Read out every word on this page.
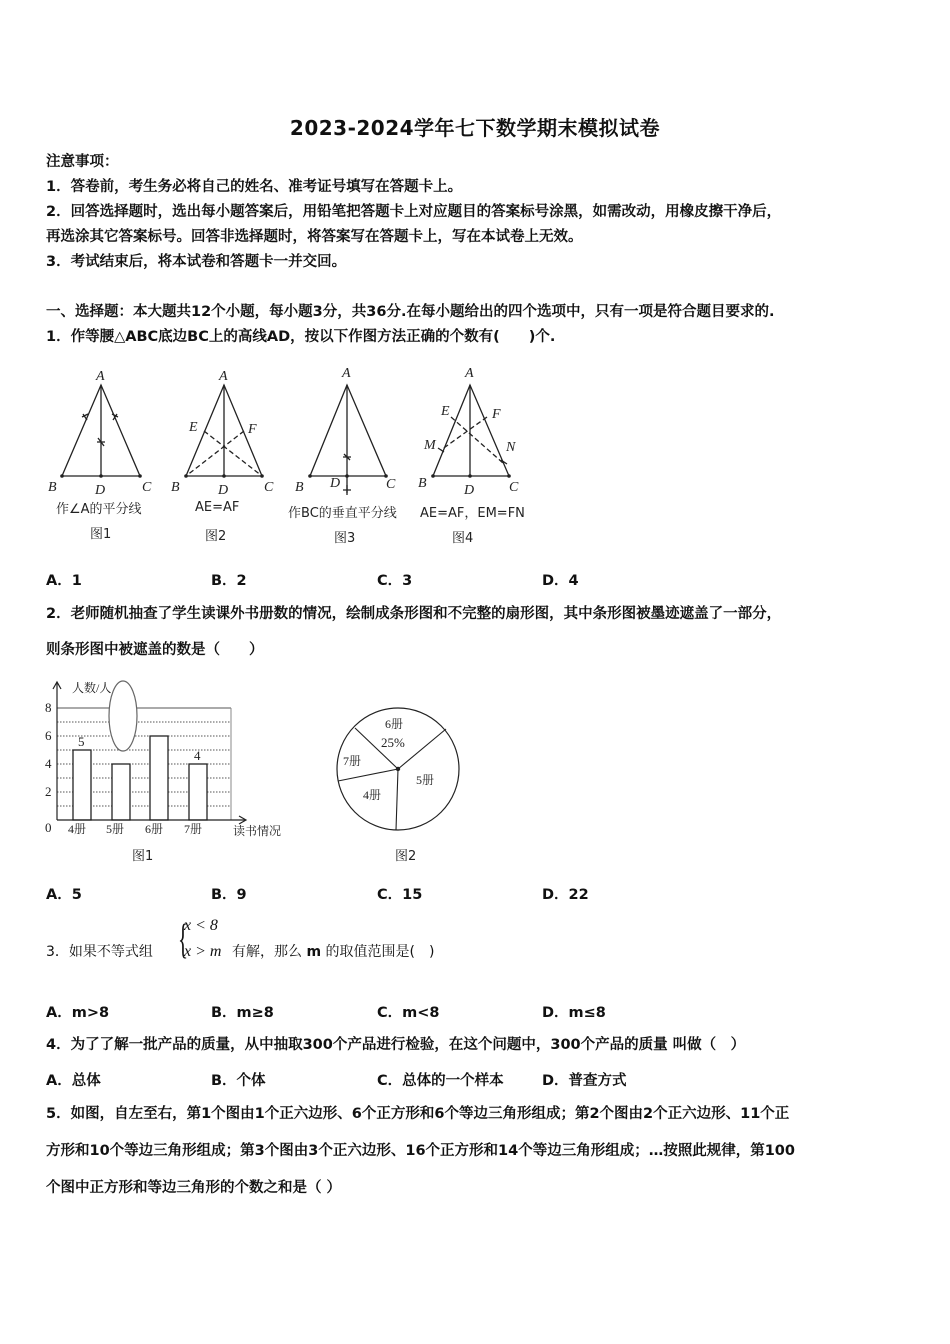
2023-2024学年七下数学期末模拟试卷
注意事项：
1．答卷前，考生务必将自己的姓名、准考证号填写在答题卡上。
2．回答选择题时，选出每小题答案后，用铅笔把答题卡上对应题目的答案标号涂黑，如需改动，用橡皮擦干净后，
再选涂其它答案标号。回答非选择题时，将答案写在答题卡上，写在本试卷上无效。
3．考试结束后，将本试卷和答题卡一并交回。
一、选择题：本大题共12个小题，每小题3分，共36分.在每小题给出的四个选项中，只有一项是符合题目要求的.
1．作等腰△ABC底边BC上的高线AD，按以下作图方法正确的个数有(　　)个.
A
B	D	C
A
B	D	C
E	F
A
B D	C
A
B	D C
E	F
M	N
作∠A的平分线
图1
AE=AF
图2
作BC的垂直平分线
图3
AE=AF，EM=FN
图4
A．1	B．2	C．3	D．4
2．老师随机抽查了学生读课外书册数的情况，绘制成条形图和不完整的扇形图，其中条形图被墨迹遮盖了一部分，
则条形图中被遮盖的数是（　　）
人数/人
8
6
4
2
0
5
4
4册 5册 6册 7册	读书情况
图1
6册
25%
7册
4册
5册
图2
A．5	B．9	C．15	D．22
3．如果不等式组 {
x < 8
x > m 有解，那么 m 的取值范围是(　)
A．m>8	B．m≥8	C．m<8	D．m≤8
4．为了了解一批产品的质量，从中抽取300个产品进行检验，在这个问题中，300个产品的质量 叫做（　）
A．总体	B．个体	C．总体的一个样本	D．普查方式
5．如图，自左至右，第1个图由1个正六边形、6个正方形和6个等边三角形组成；第2个图由2个正六边形、11个正
方形和10个等边三角形组成；第3个图由3个正六边形、16个正方形和14个等边三角形组成；…按照此规律，第100
个图中正方形和等边三角形的个数之和是（ ）
